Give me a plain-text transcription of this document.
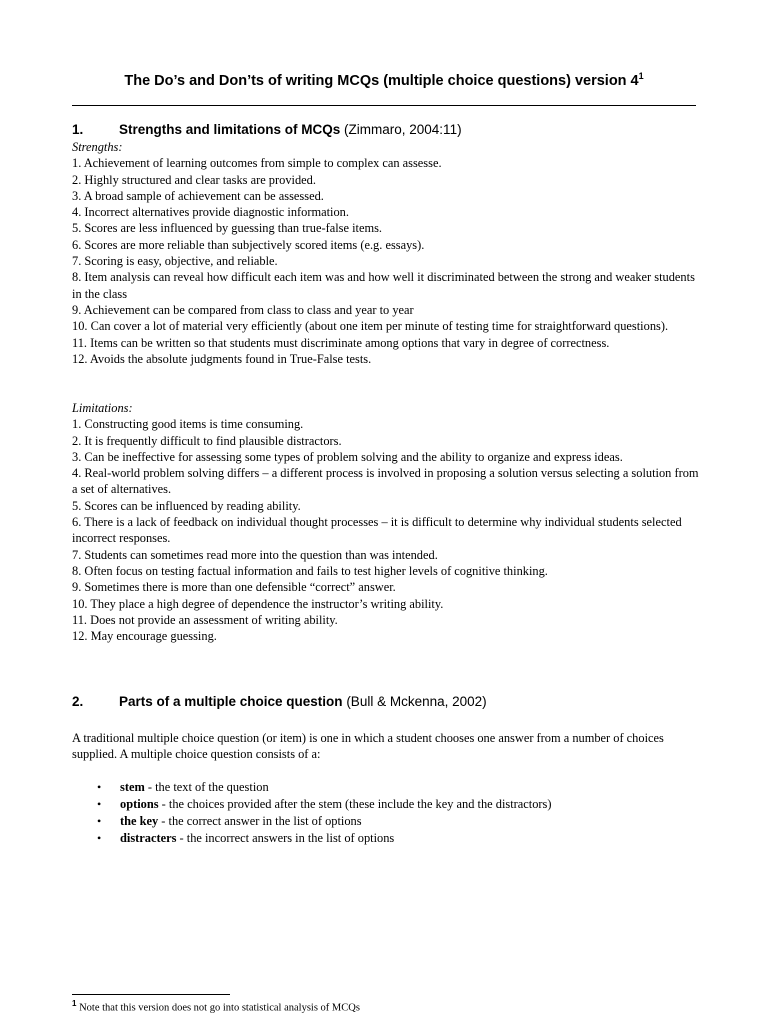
The Do’s and Don’ts of writing MCQs (multiple choice questions) version $4^1$
1.	Strengths and limitations of MCQs (Zimmaro, 2004:11)
Strengths:
1. Achievement of learning outcomes from simple to complex can assesse.
2. Highly structured and clear tasks are provided.
3. A broad sample of achievement can be assessed.
4. Incorrect alternatives provide diagnostic information.
5. Scores are less influenced by guessing than true-false items.
6. Scores are more reliable than subjectively scored items (e.g. essays).
7. Scoring is easy, objective, and reliable.
8. Item analysis can reveal how difficult each item was and how well it discriminated between the strong and weaker students in the class
9. Achievement can be compared from class to class and year to year
10. Can cover a lot of material very efficiently (about one item per minute of testing time for straightforward questions).
11. Items can be written so that students must discriminate among options that vary in degree of correctness.
12. Avoids the absolute judgments found in True-False tests.
Limitations:
1. Constructing good items is time consuming.
2. It is frequently difficult to find plausible distractors.
3. Can be ineffective for assessing some types of problem solving and the ability to organize and express ideas.
4. Real-world problem solving differs – a different process is involved in proposing a solution versus selecting a solution from a set of alternatives.
5. Scores can be influenced by reading ability.
6. There is a lack of feedback on individual thought processes – it is difficult to determine why individual students selected incorrect responses.
7. Students can sometimes read more into the question than was intended.
8. Often focus on testing factual information and fails to test higher levels of cognitive thinking.
9. Sometimes there is more than one defensible “correct” answer.
10. They place a high degree of dependence the instructor’s writing ability.
11. Does not provide an assessment of writing ability.
12. May encourage guessing.
2.	Parts of a multiple choice question (Bull & Mckenna, 2002)
A traditional multiple choice question (or item) is one in which a student chooses one answer from a number of choices supplied. A multiple choice question consists of a:
• stem - the text of the question
• options - the choices provided after the stem (these include the key and the distractors)
• the key - the correct answer in the list of options
• distracters - the incorrect answers in the list of options
$^1$ Note that this version does not go into statistical analysis of MCQs
